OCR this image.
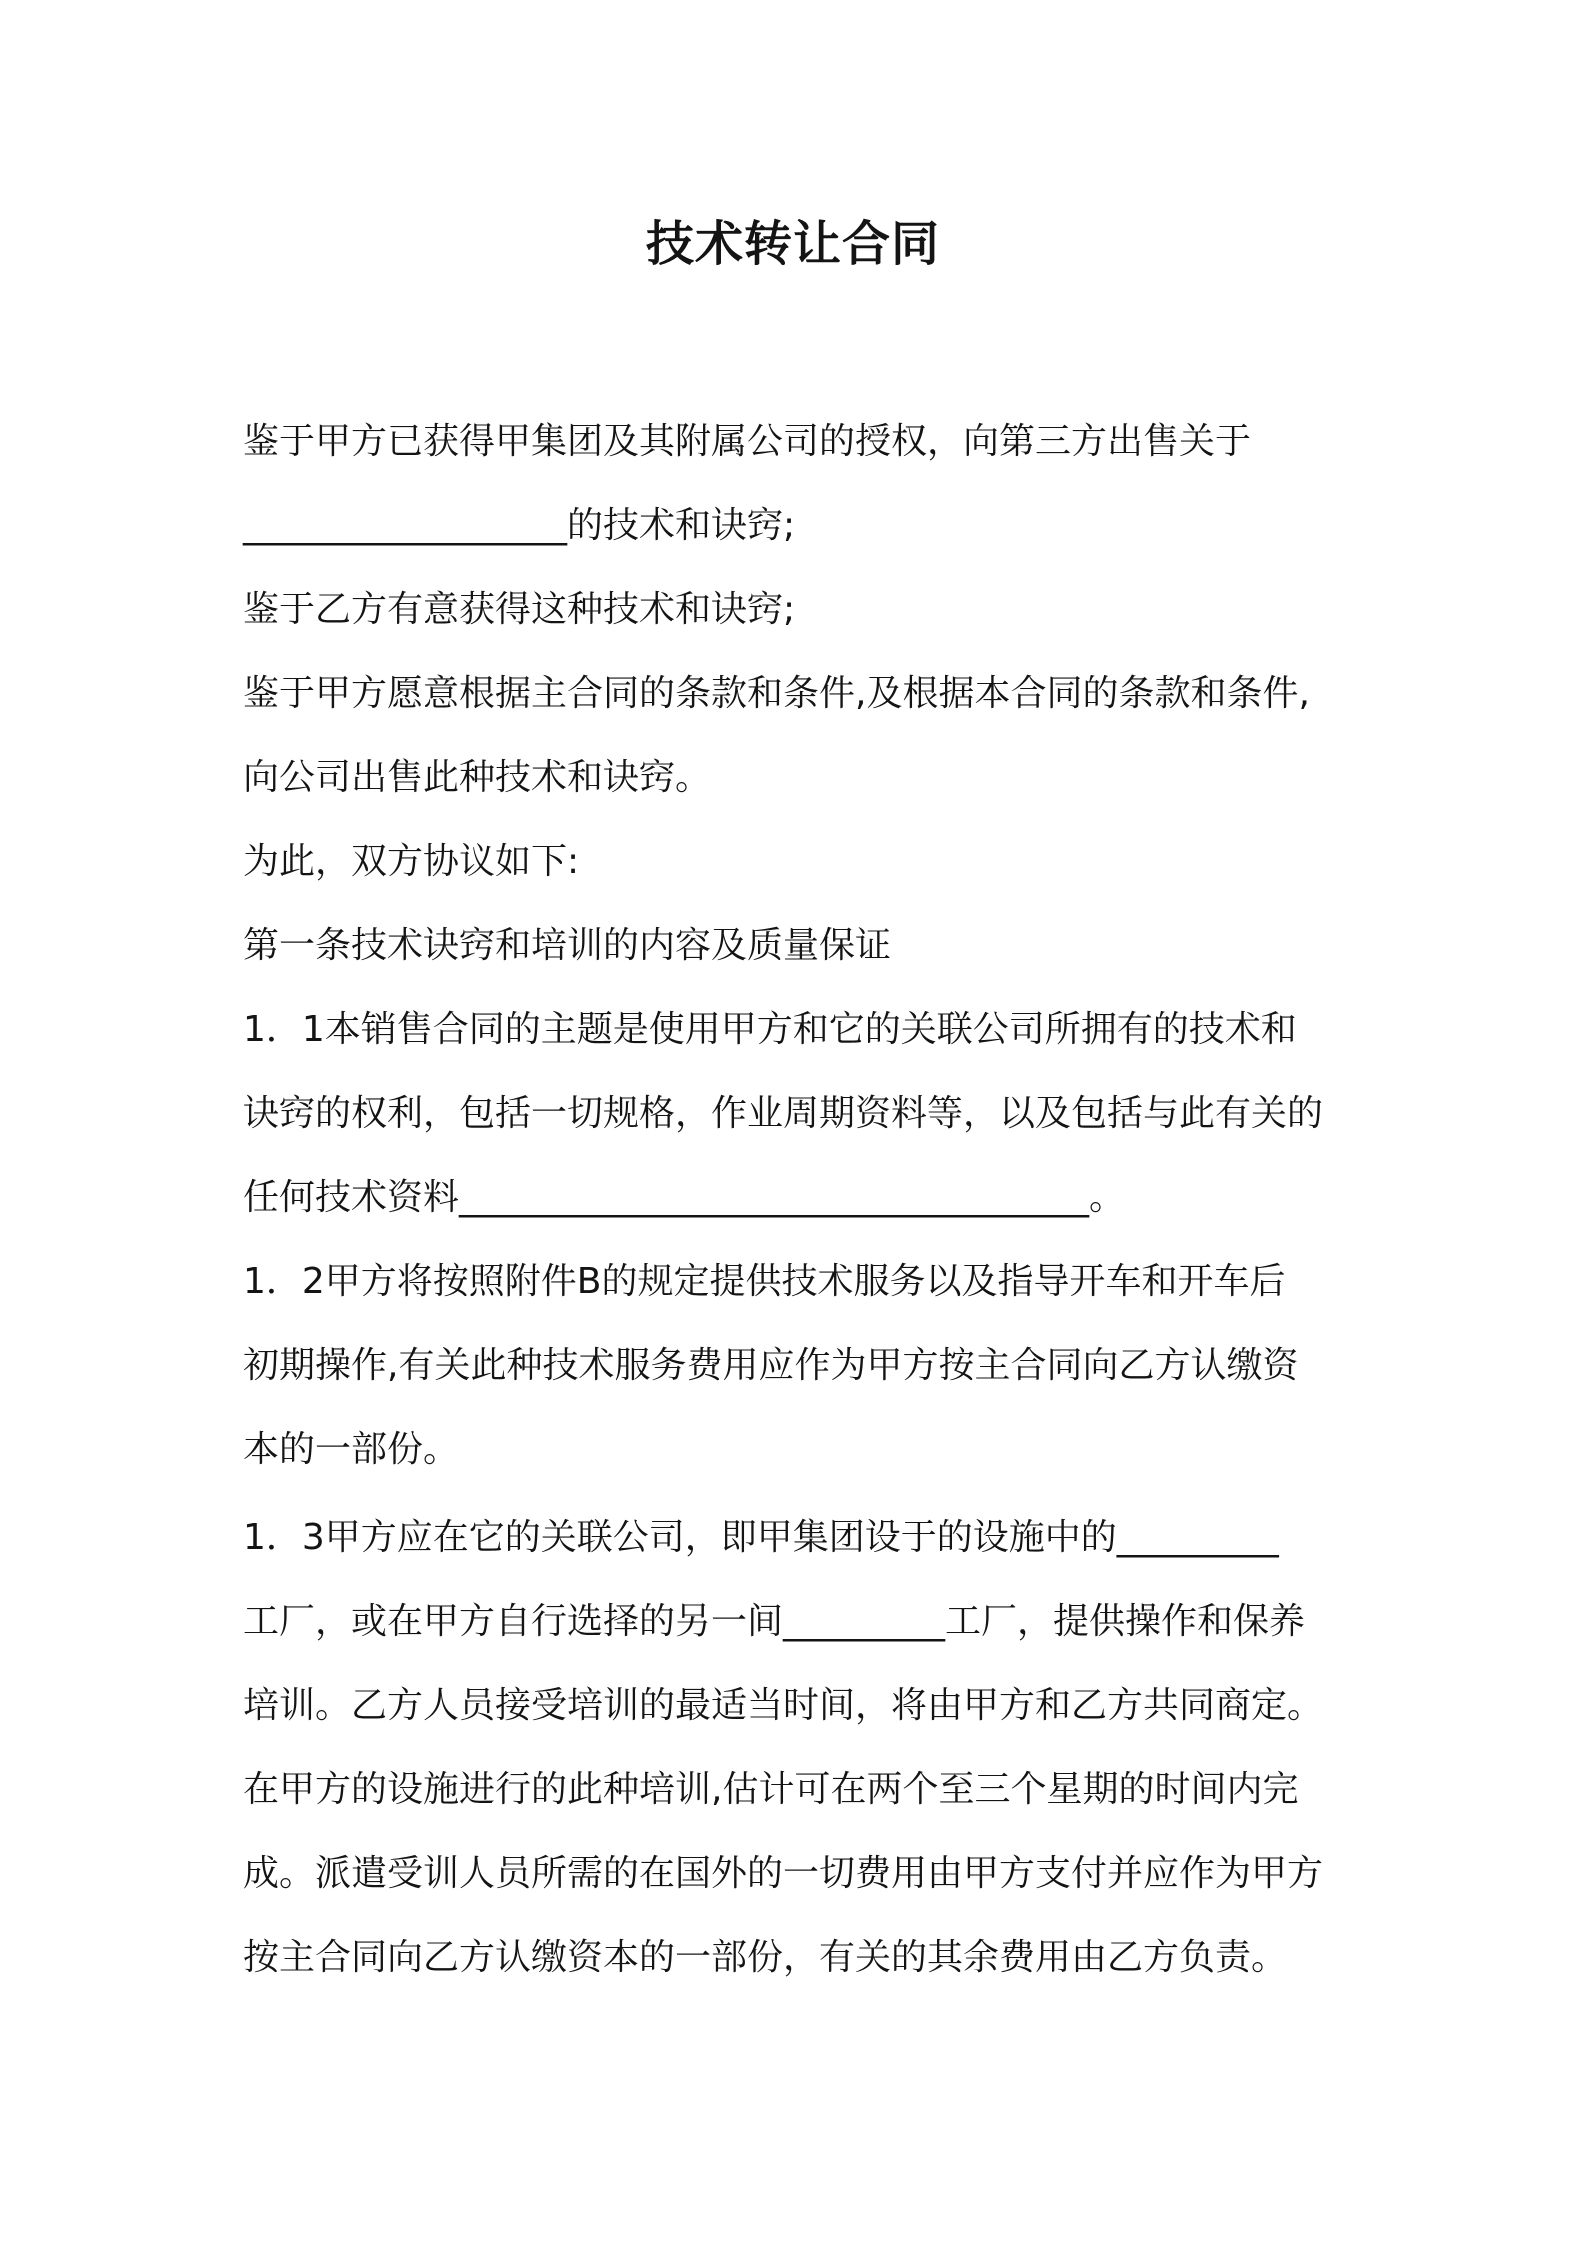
技术转让合同
鉴于甲方已获得甲集团及其附属公司的授权，向第三方出售关于
__________________的技术和诀窍;
鉴于乙方有意获得这种技术和诀窍;
鉴于甲方愿意根据主合同的条款和条件,及根据本合同的条款和条件,
向公司出售此种技术和诀窍。
为此，双方协议如下:
第一条技术诀窍和培训的内容及质量保证
1．1本销售合同的主题是使用甲方和它的关联公司所拥有的技术和
诀窍的权利，包括一切规格，作业周期资料等，以及包括与此有关的
任何技术资料___________________________________。
1．2甲方将按照附件B的规定提供技术服务以及指导开车和开车后
初期操作,有关此种技术服务费用应作为甲方按主合同向乙方认缴资
本的一部份。
1．3甲方应在它的关联公司，即甲集团设于的设施中的_________
工厂，或在甲方自行选择的另一间_________工厂，提供操作和保养
培训。乙方人员接受培训的最适当时间，将由甲方和乙方共同商定。
在甲方的设施进行的此种培训,估计可在两个至三个星期的时间内完
成。派遣受训人员所需的在国外的一切费用由甲方支付并应作为甲方
按主合同向乙方认缴资本的一部份，有关的其余费用由乙方负责。
